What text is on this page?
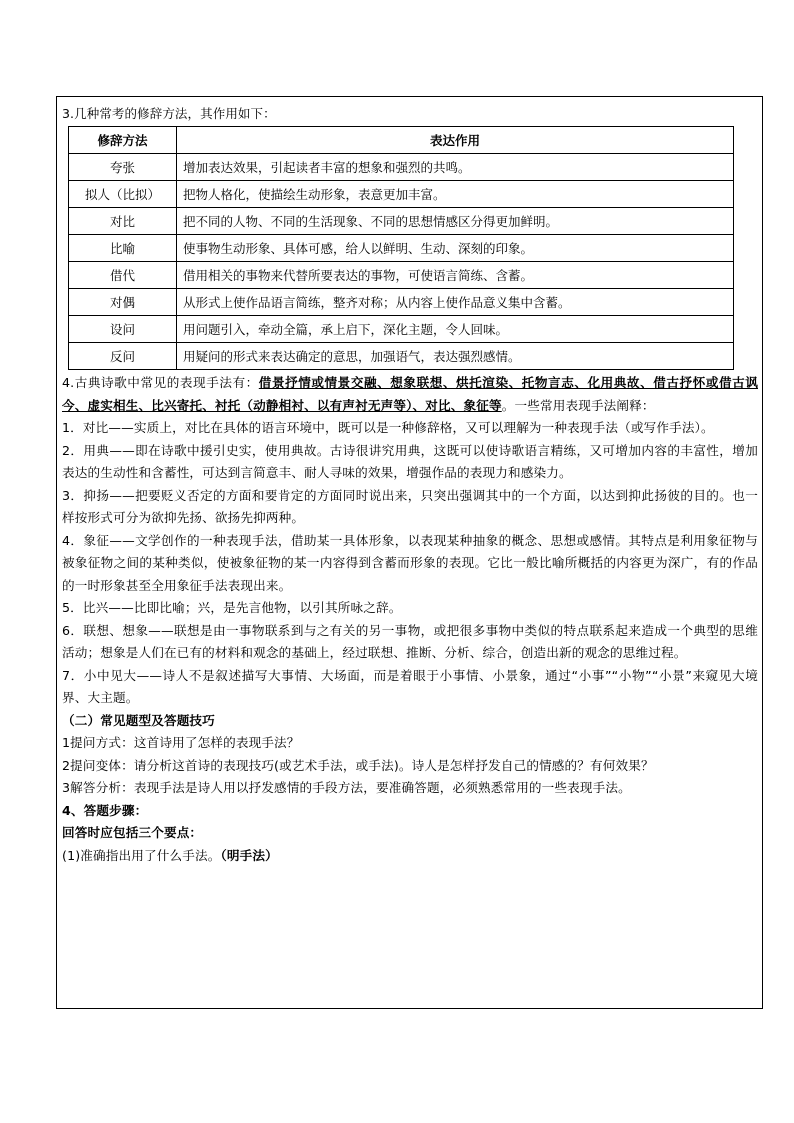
3.几种常考的修辞方法，其作用如下：

修辞方法	表达作用
夸张	增加表达效果，引起读者丰富的想象和强烈的共鸣。
拟人（比拟）	把物人格化，使描绘生动形象，表意更加丰富。
对比	把不同的人物、不同的生活现象、不同的思想情感区分得更加鲜明。
比喻	使事物生动形象、具体可感，给人以鲜明、生动、深刻的印象。
借代	借用相关的事物来代替所要表达的事物，可使语言简练、含蓄。
对偶	从形式上使作品语言简练，整齐对称；从内容上使作品意义集中含蓄。
设问	用问题引入，牵动全篇，承上启下，深化主题，令人回味。
反问	用疑问的形式来表达确定的意思，加强语气，表达强烈感情。

4.古典诗歌中常见的表现手法有：借景抒情或情景交融、想象联想、烘托渲染、托物言志、化用典故、借古抒怀或借古讽今、虚实相生、比兴寄托、衬托（动静相衬、以有声衬无声等）、对比、象征等。一些常用表现手法阐释：

1．对比——实质上，对比在具体的语言环境中，既可以是一种修辞格，又可以理解为一种表现手法（或写作手法）。

2．用典——即在诗歌中援引史实，使用典故。古诗很讲究用典，这既可以使诗歌语言精练，又可增加内容的丰富性，增加表达的生动性和含蓄性，可达到言简意丰、耐人寻味的效果，增强作品的表现力和感染力。

3．抑扬——把要贬义否定的方面和要肯定的方面同时说出来，只突出强调其中的一个方面，以达到抑此扬彼的目的。也一样按形式可分为欲抑先扬、欲扬先抑两种。

4．象征——文学创作的一种表现手法，借助某一具体形象，以表现某种抽象的概念、思想或感情。其特点是利用象征物与被象征物之间的某种类似，使被象征物的某一内容得到含蓄而形象的表现。它比一般比喻所概括的内容更为深广，有的作品的一时形象甚至全用象征手法表现出来。

5．比兴——比即比喻；兴，是先言他物，以引其所咏之辞。

6．联想、想象——联想是由一事物联系到与之有关的另一事物，或把很多事物中类似的特点联系起来造成一个典型的思维活动；想象是人们在已有的材料和观念的基础上，经过联想、推断、分析、综合，创造出新的观念的思维过程。

7．小中见大——诗人不是叙述描写大事情、大场面，而是着眼于小事情、小景象，通过“小事”“小物”“小景”来窥见大境界、大主题。

（二）常见题型及答题技巧

1提问方式：这首诗用了怎样的表现手法？

2提问变体：请分析这首诗的表现技巧(或艺术手法，或手法)。诗人是怎样抒发自己的情感的？有何效果？

3解答分析：表现手法是诗人用以抒发感情的手段方法，要准确答题，必须熟悉常用的一些表现手法。

4、答题步骤：

回答时应包括三个要点：

(1)准确指出用了什么手法。（明手法）
